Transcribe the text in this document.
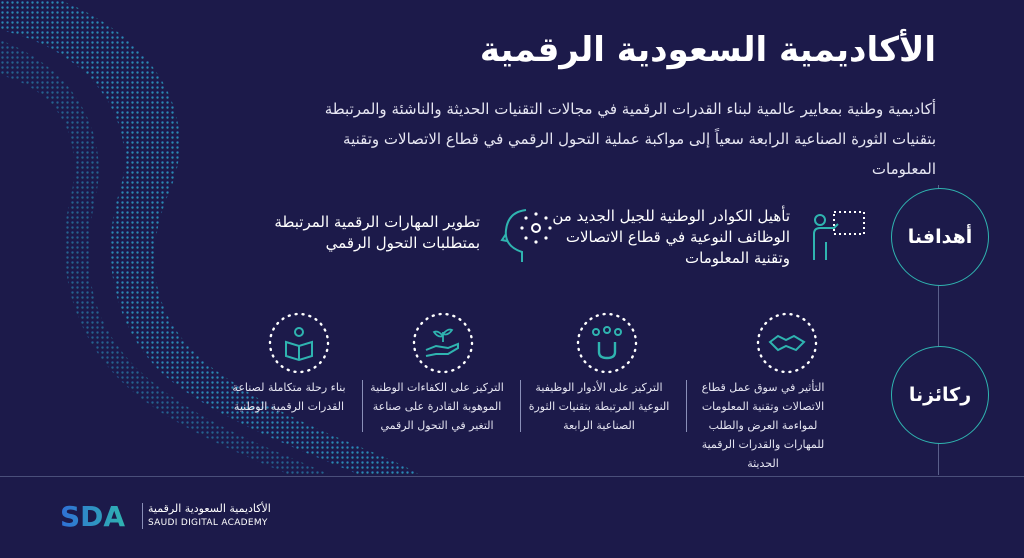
الأكاديمية السعودية الرقمية
أكاديمية وطنية بمعايير عالمية لبناء القدرات الرقمية في مجالات التقنيات الحديثة والناشئة والمرتبطة بتقنيات الثورة الصناعية الرابعة سعياً إلى مواكبة عملية التحول الرقمي في قطاع الاتصالات وتقنية المعلومات
أهدافنا
ركائزنا
تأهيل الكوادر الوطنية للجيل الجديد من الوظائف النوعية في قطاع الاتصالات وتقنية المعلومات
تطوير المهارات الرقمية المرتبطة بمتطلبات التحول الرقمي
التأثير في سوق عمل قطاع الاتصالات وتقنية المعلومات لمواءمة العرض والطلب للمهارات والقدرات الرقمية الحديثة
التركيز على الأدوار الوظيفية النوعية المرتبطة بتقنيات الثورة الصناعية الرابعة
التركيز على الكفاءات الوطنية الموهوبة القادرة على صناعة التغير في التحول الرقمي
بناء رحلة متكاملة لصناعة القدرات الرقمية الوطنية
SDA الأكاديمية السعودية الرقمية
SAUDI DIGITAL ACADEMY
